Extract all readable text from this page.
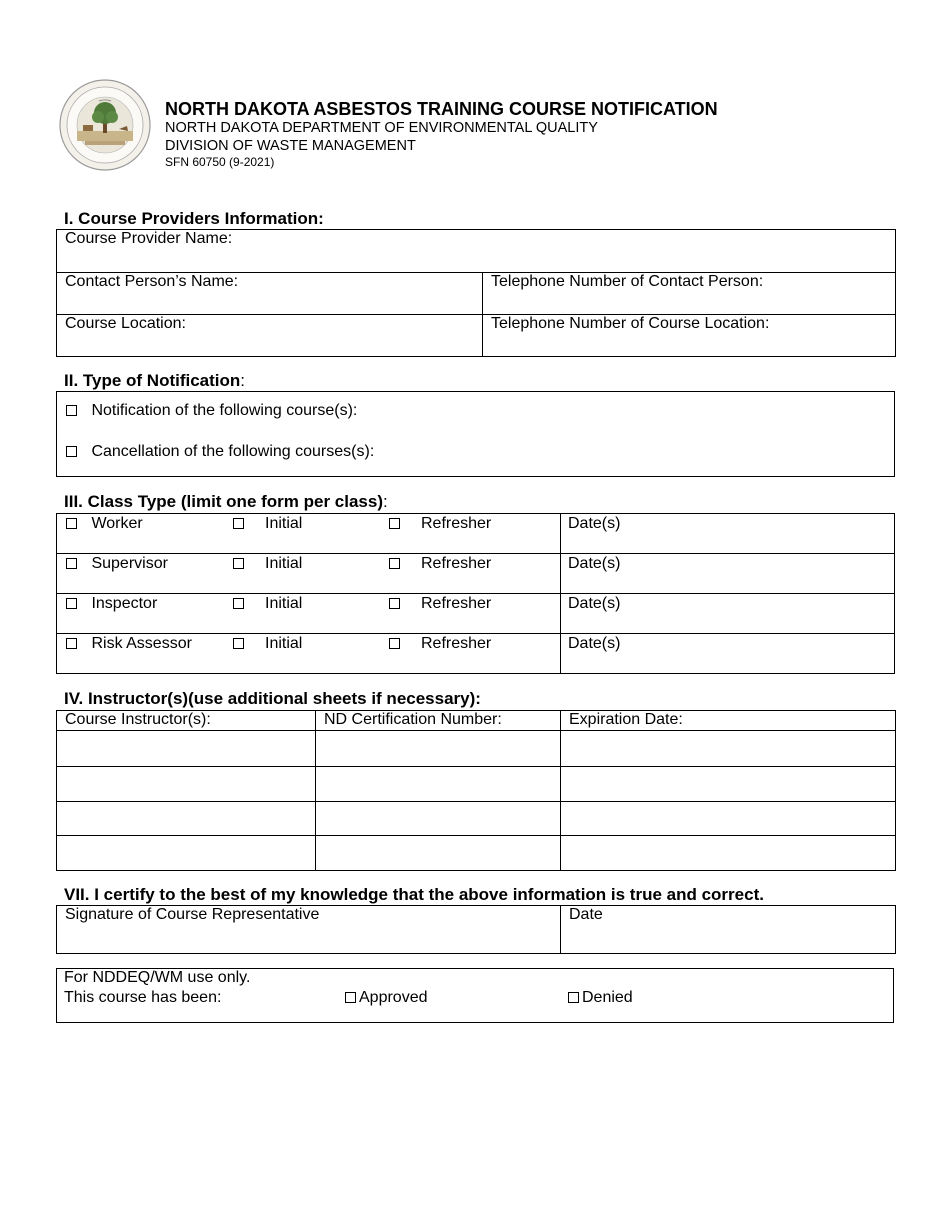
NORTH DAKOTA ASBESTOS TRAINING COURSE NOTIFICATION
NORTH DAKOTA DEPARTMENT OF ENVIRONMENTAL QUALITY
DIVISION OF WASTE MANAGEMENT
SFN 60750 (9-2021)
I. Course Providers Information:
Course Provider Name:	
Contact Person’s Name:	Telephone Number of Contact Person:
Course Location:	Telephone Number of Course Location:
II. Type of Notification:
Notification of the following course(s):
Cancellation of the following courses(s):
III. Class Type (limit one form per class):
Worker	Initial	Refresher	Date(s)
Supervisor	Initial	Refresher	Date(s)
Inspector	Initial	Refresher	Date(s)
Risk Assessor	Initial	Refresher	Date(s)
IV. Instructor(s)(use additional sheets if necessary):
Course Instructor(s):	ND Certification Number:	Expiration Date:

VII. I certify to the best of my knowledge that the above information is true and correct.
Signature of Course Representative	Date
For NDDEQ/WM use only.
This course has been:	Approved	Denied
